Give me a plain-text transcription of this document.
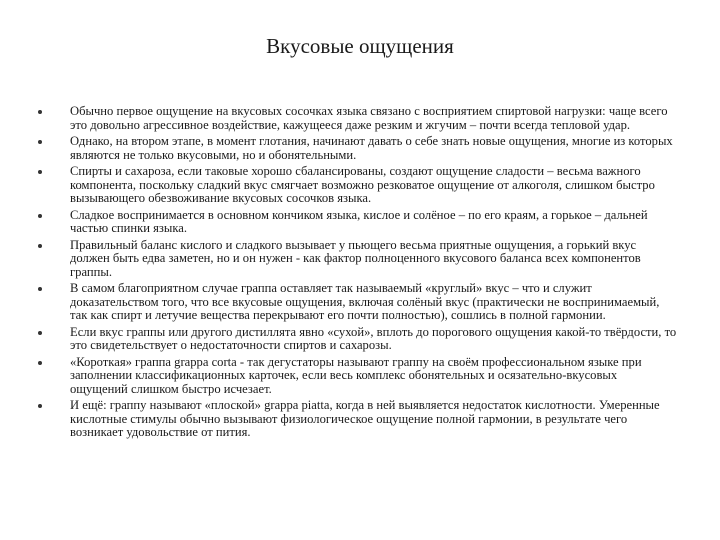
Вкусовые ощущения
Обычно первое ощущение на вкусовых сосочках языка связано с восприятием спиртовой нагрузки: чаще всего это довольно агрессивное воздействие, кажущееся даже резким и жгучим – почти всегда тепловой удар.
Однако, на втором этапе, в момент глотания, начинают давать о себе знать новые ощущения, многие из которых являются не только вкусовыми, но и обонятельными.
Спирты и сахароза, если таковые хорошо сбалансированы, создают ощущение сладости – весьма важного компонента, поскольку сладкий вкус смягчает возможно резковатое ощущение от алкоголя, слишком быстро вызывающего обезвоживание вкусовых сосочков языка.
Сладкое воспринимается в основном кончиком языка, кислое и солёное – по его краям, а горькое – дальней частью спинки языка.
Правильный баланс кислого и сладкого вызывает у пьющего весьма приятные ощущения, а горький вкус должен быть едва заметен, но и он нужен - как фактор полноценного вкусового баланса всех компонентов граппы.
В самом благоприятном случае граппа оставляет так называемый «круглый» вкус – что и служит доказательством того, что все вкусовые ощущения, включая солёный вкус (практически не воспринимаемый, так как спирт и летучие вещества перекрывают его почти полностью), сошлись в полной гармонии.
Если вкус граппы или другого дистиллята явно «сухой», вплоть до порогового ощущения какой-то твёрдости, то это свидетельствует о недостаточности спиртов и сахарозы.
«Короткая» граппа grappa corta - так дегустаторы называют граппу на своём профессиональном языке при заполнении классификационных карточек, если весь комплекс обонятельных и осязательно-вкусовых ощущений слишком быстро исчезает.
И ещё: граппу называют «плоской» grappa piatta, когда в ней выявляется недостаток кислотности. Умеренные кислотные стимулы обычно вызывают физиологическое ощущение полной гармонии, в результате чего возникает удовольствие от пития.
